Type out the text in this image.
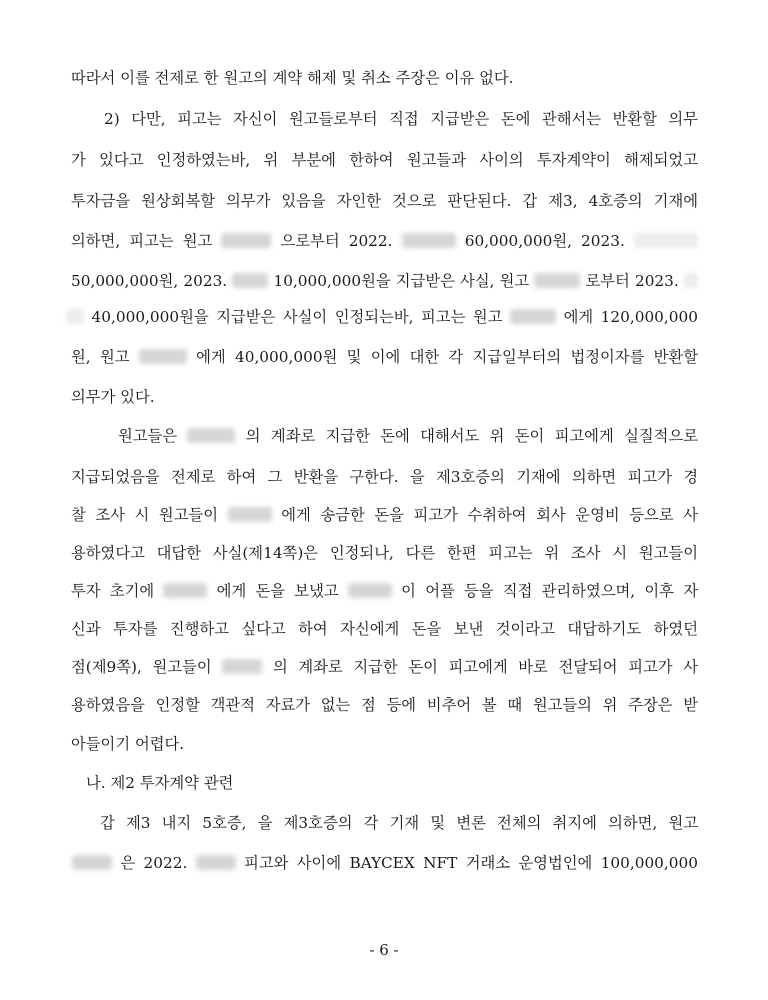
따라서 이를 전제로 한 원고의 계약 해제 및 취소 주장은 이유 없다.
2) 다만, 피고는 자신이 원고들로부터 직접 지급받은 돈에 관해서는 반환할 의무
가 있다고 인정하였는바, 위 부분에 한하여 원고들과 사이의 투자계약이 해제되었고
투자금을 원상회복할 의무가 있음을 자인한 것으로 판단된다. 갑 제3, 4호증의 기재에
의하면, 피고는 원고	으로부터 2022.	60,000,000원, 2023.
50,000,000원, 2023.	10,000,000원을 지급받은 사실, 원고	로부터 2023.
40,000,000원을 지급받은 사실이 인정되는바, 피고는 원고	에게 120,000,000
원, 원고	에게 40,000,000원 및 이에 대한 각 지급일부터의 법정이자를 반환할
의무가 있다.
원고들은	의 계좌로 지급한 돈에 대해서도 위 돈이 피고에게 실질적으로
지급되었음을 전제로 하여 그 반환을 구한다. 을 제3호증의 기재에 의하면 피고가 경
찰 조사 시 원고들이	에게 송금한 돈을 피고가 수취하여 회사 운영비 등으로 사
용하였다고 대답한 사실(제14쪽)은 인정되나, 다른 한편 피고는 위 조사 시 원고들이
투자 초기에	에게 돈을 보냈고	이 어플 등을 직접 관리하였으며, 이후 자
신과 투자를 진행하고 싶다고 하여 자신에게 돈을 보낸 것이라고 대답하기도 하였던
점(제9쪽), 원고들이	의 계좌로 지급한 돈이 피고에게 바로 전달되어 피고가 사
용하였음을 인정할 객관적 자료가 없는 점 등에 비추어 볼 때 원고들의 위 주장은 받
아들이기 어렵다.
나. 제2 투자계약 관련
갑 제3 내지 5호증, 을 제3호증의 각 기재 및 변론 전체의 취지에 의하면, 원고
은 2022.	피고와 사이에 BAYCEX NFT 거래소 운영법인에 100,000,000
- 6 -
